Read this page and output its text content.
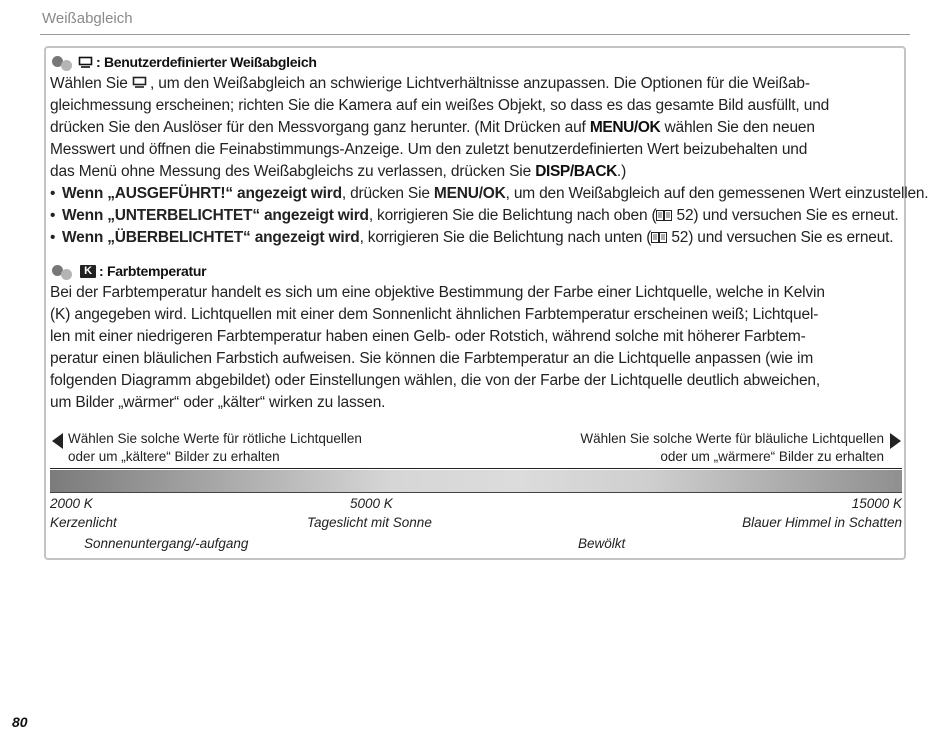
Weißabgleich
: Benutzerdefinierter Weißabgleich
Wählen Sie , um den Weißabgleich an schwierige Lichtverhältnisse anzupassen. Die Optionen für die Weißab-
gleichmessung erscheinen; richten Sie die Kamera auf ein weißes Objekt, so dass es das gesamte Bild ausfüllt, und
drücken Sie den Auslöser für den Messvorgang ganz herunter. (Mit Drücken auf MENU/OK wählen Sie den neuen
Messwert und öffnen die Feinabstimmungs-Anzeige. Um den zuletzt benutzerdefinierten Wert beizubehalten und
das Menü ohne Messung des Weißabgleichs zu verlassen, drücken Sie DISP/BACK.)
• Wenn „AUSGEFÜHRT!“ angezeigt wird, drücken Sie MENU/OK, um den Weißabgleich auf den gemessenen Wert einzustellen.
• Wenn „UNTERBELICHTET“ angezeigt wird, korrigieren Sie die Belichtung nach oben ( 52) und versuchen Sie es erneut.
• Wenn „ÜBERBELICHTET“ angezeigt wird, korrigieren Sie die Belichtung nach unten ( 52) und versuchen Sie es erneut.
K : Farbtemperatur
Bei der Farbtemperatur handelt es sich um eine objektive Bestimmung der Farbe einer Lichtquelle, welche in Kelvin
(K) angegeben wird. Lichtquellen mit einer dem Sonnenlicht ähnlichen Farbtemperatur erscheinen weiß; Lichtquel-
len mit einer niedrigeren Farbtemperatur haben einen Gelb- oder Rotstich, während solche mit höherer Farbtem-
peratur einen bläulichen Farbstich aufweisen. Sie können die Farbtemperatur an die Lichtquelle anpassen (wie im
folgenden Diagramm abgebildet) oder Einstellungen wählen, die von der Farbe der Lichtquelle deutlich abweichen,
um Bilder „wärmer“ oder „kälter“ wirken zu lassen.
Wählen Sie solche Werte für rötliche Lichtquellen
oder um „kältere“ Bilder zu erhalten
Wählen Sie solche Werte für bläuliche Lichtquellen
oder um „wärmere“ Bilder zu erhalten
2000 K	5000 K	15000 K
Kerzenlicht	Tageslicht mit Sonne	Blauer Himmel in Schatten
Sonnenuntergang/-aufgang	Bewölkt
80
